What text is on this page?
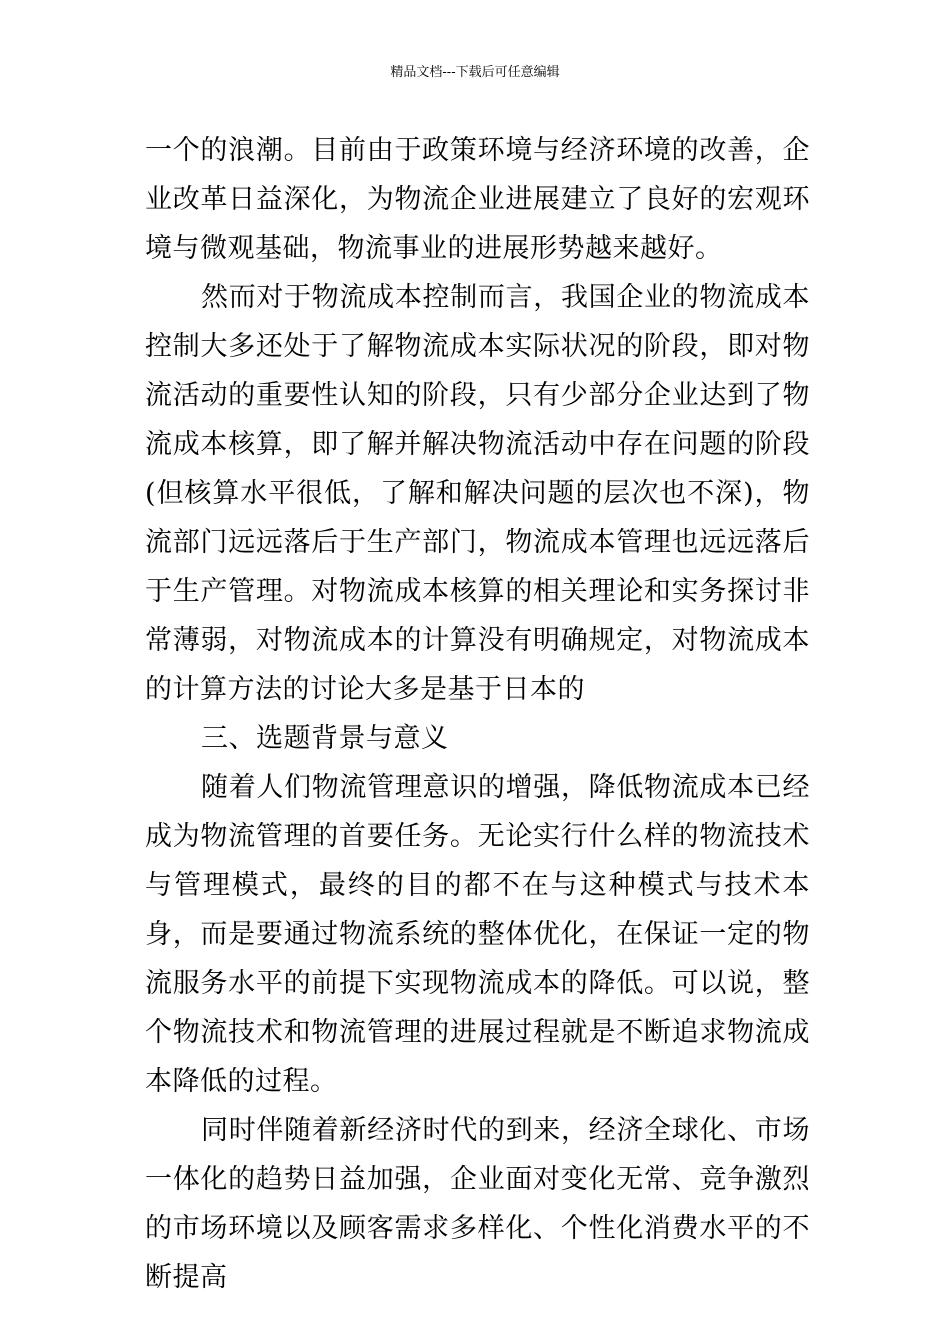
精品文档---下载后可任意编辑

一个的浪潮。目前由于政策环境与经济环境的改善，企业改革日益深化，为物流企业进展建立了良好的宏观环境与微观基础，物流事业的进展形势越来越好。

然而对于物流成本控制而言，我国企业的物流成本控制大多还处于了解物流成本实际状况的阶段，即对物流活动的重要性认知的阶段，只有少部分企业达到了物流成本核算，即了解并解决物流活动中存在问题的阶段(但核算水平很低，了解和解决问题的层次也不深)，物流部门远远落后于生产部门，物流成本管理也远远落后于生产管理。对物流成本核算的相关理论和实务探讨非常薄弱，对物流成本的计算没有明确规定，对物流成本的计算方法的讨论大多是基于日本的

三、选题背景与意义

随着人们物流管理意识的增强，降低物流成本已经成为物流管理的首要任务。无论实行什么样的物流技术与管理模式，最终的目的都不在与这种模式与技术本身，而是要通过物流系统的整体优化，在保证一定的物流服务水平的前提下实现物流成本的降低。可以说，整个物流技术和物流管理的进展过程就是不断追求物流成本降低的过程。

同时伴随着新经济时代的到来，经济全球化、市场一体化的趋势日益加强，企业面对变化无常、竞争激烈的市场环境以及顾客需求多样化、个性化消费水平的不断提高
